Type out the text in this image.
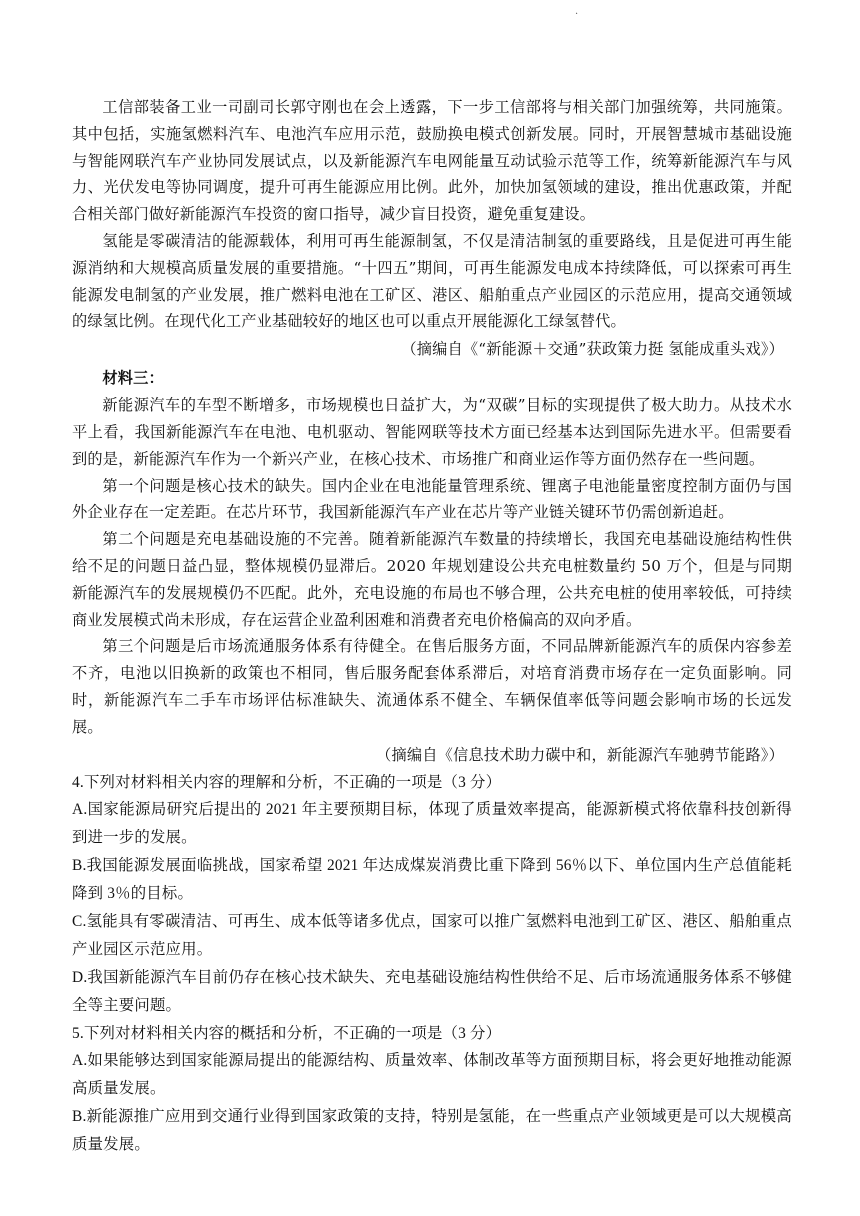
·

工信部装备工业一司副司长郭守刚也在会上透露，下一步工信部将与相关部门加强统筹，共同施策。其中包括，实施氢燃料汽车、电池汽车应用示范，鼓励换电模式创新发展。同时，开展智慧城市基础设施与智能网联汽车产业协同发展试点，以及新能源汽车电网能量互动试验示范等工作，统筹新能源汽车与风力、光伏发电等协同调度，提升可再生能源应用比例。此外，加快加氢领域的建设，推出优惠政策，并配合相关部门做好新能源汽车投资的窗口指导，减少盲目投资，避免重复建设。

氢能是零碳清洁的能源载体，利用可再生能源制氢，不仅是清洁制氢的重要路线，且是促进可再生能源消纳和大规模高质量发展的重要措施。“十四五”期间，可再生能源发电成本持续降低，可以探索可再生能源发电制氢的产业发展，推广燃料电池在工矿区、港区、船舶重点产业园区的示范应用，提高交通领域的绿氢比例。在现代化工产业基础较好的地区也可以重点开展能源化工绿氢替代。

（摘编自《“新能源＋交通”获政策力挺 氢能成重头戏》）

材料三：

新能源汽车的车型不断增多，市场规模也日益扩大，为“双碳”目标的实现提供了极大助力。从技术水平上看，我国新能源汽车在电池、电机驱动、智能网联等技术方面已经基本达到国际先进水平。但需要看到的是，新能源汽车作为一个新兴产业，在核心技术、市场推广和商业运作等方面仍然存在一些问题。

第一个问题是核心技术的缺失。国内企业在电池能量管理系统、锂离子电池能量密度控制方面仍与国外企业存在一定差距。在芯片环节，我国新能源汽车产业在芯片等产业链关键环节仍需创新追赶。

第二个问题是充电基础设施的不完善。随着新能源汽车数量的持续增长，我国充电基础设施结构性供给不足的问题日益凸显，整体规模仍显滞后。2020 年规划建设公共充电桩数量约 50 万个，但是与同期新能源汽车的发展规模仍不匹配。此外，充电设施的布局也不够合理，公共充电桩的使用率较低，可持续商业发展模式尚未形成，存在运营企业盈利困难和消费者充电价格偏高的双向矛盾。

第三个问题是后市场流通服务体系有待健全。在售后服务方面，不同品牌新能源汽车的质保内容参差不齐，电池以旧换新的政策也不相同，售后服务配套体系滞后，对培育消费市场存在一定负面影响。同时，新能源汽车二手车市场评估标准缺失、流通体系不健全、车辆保值率低等问题会影响市场的长远发展。

（摘编自《信息技术助力碳中和，新能源汽车驰骋节能路》）

4.下列对材料相关内容的理解和分析，不正确的一项是（3 分）

A.国家能源局研究后提出的 2021 年主要预期目标，体现了质量效率提高，能源新模式将依靠科技创新得到进一步的发展。

B.我国能源发展面临挑战，国家希望 2021 年达成煤炭消费比重下降到 56％以下、单位国内生产总值能耗降到 3％的目标。

C.氢能具有零碳清洁、可再生、成本低等诸多优点，国家可以推广氢燃料电池到工矿区、港区、船舶重点产业园区示范应用。

D.我国新能源汽车目前仍存在核心技术缺失、充电基础设施结构性供给不足、后市场流通服务体系不够健全等主要问题。

5.下列对材料相关内容的概括和分析，不正确的一项是（3 分）

A.如果能够达到国家能源局提出的能源结构、质量效率、体制改革等方面预期目标，将会更好地推动能源高质量发展。

B.新能源推广应用到交通行业得到国家政策的支持，特别是氢能，在一些重点产业领域更是可以大规模高质量发展。
